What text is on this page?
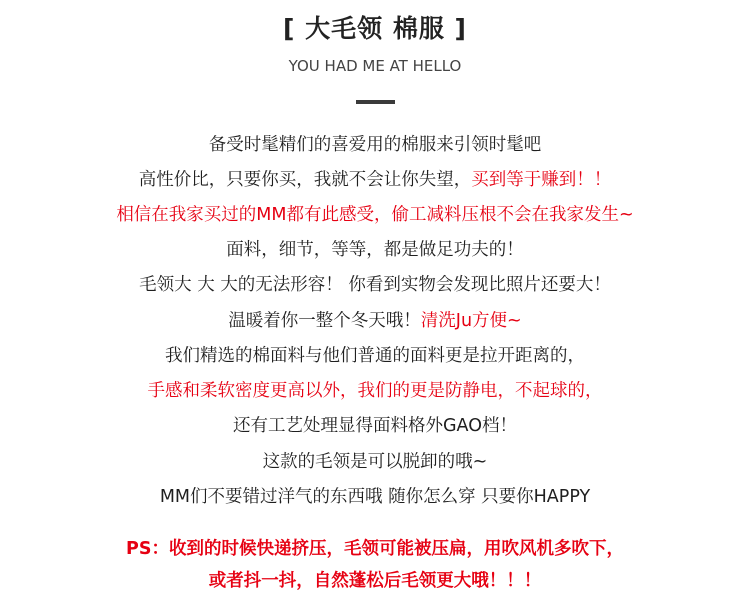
[ 大毛领 棉服 ]
YOU HAD ME AT HELLO
备受时髦精们的喜爱用的棉服来引领时髦吧
高性价比，只要你买，我就不会让你失望，买到等于赚到！！
相信在我家买过的MM都有此感受，偷工减料压根不会在我家发生~
面料，细节，等等，都是做足功夫的！
毛领大 大 大的无法形容！ 你看到实物会发现比照片还要大！
温暖着你一整个冬天哦！清洗Ju方便~
我们精选的棉面料与他们普通的面料更是拉开距离的，
手感和柔软密度更高以外，我们的更是防静电，不起球的，
还有工艺处理显得面料格外GAO档！
这款的毛领是可以脱卸的哦~
MM们不要错过洋气的东西哦 随你怎么穿 只要你HAPPY
PS：收到的时候快递挤压，毛领可能被压扁，用吹风机多吹下，
或者抖一抖，自然蓬松后毛领更大哦！！！
